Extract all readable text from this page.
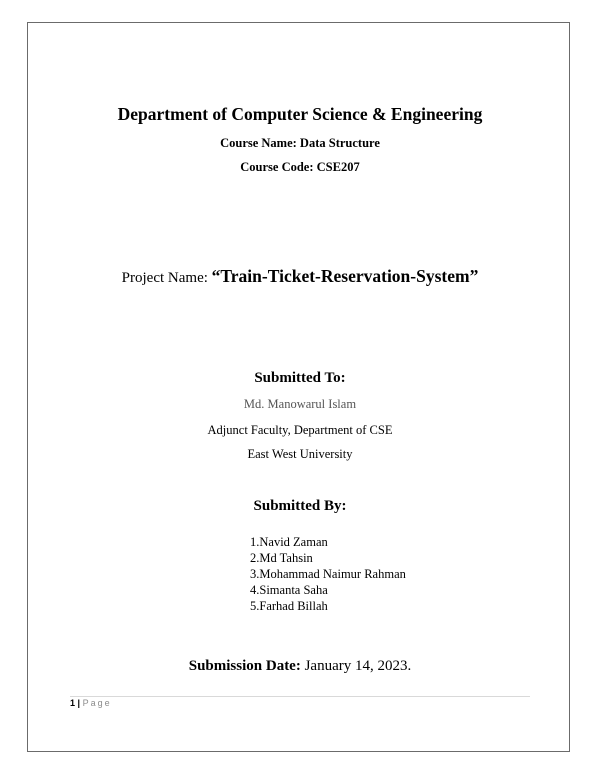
Department of Computer Science & Engineering
Course Name: Data Structure
Course Code: CSE207
Project Name: “Train-Ticket-Reservation-System”
Submitted To:
Md. Manowarul Islam
Adjunct Faculty, Department of CSE
East West University
Submitted By:
1.Navid Zaman
2.Md Tahsin
3.Mohammad Naimur Rahman
4.Simanta Saha
5.Farhad Billah
Submission Date: January 14, 2023.
1 | Page
